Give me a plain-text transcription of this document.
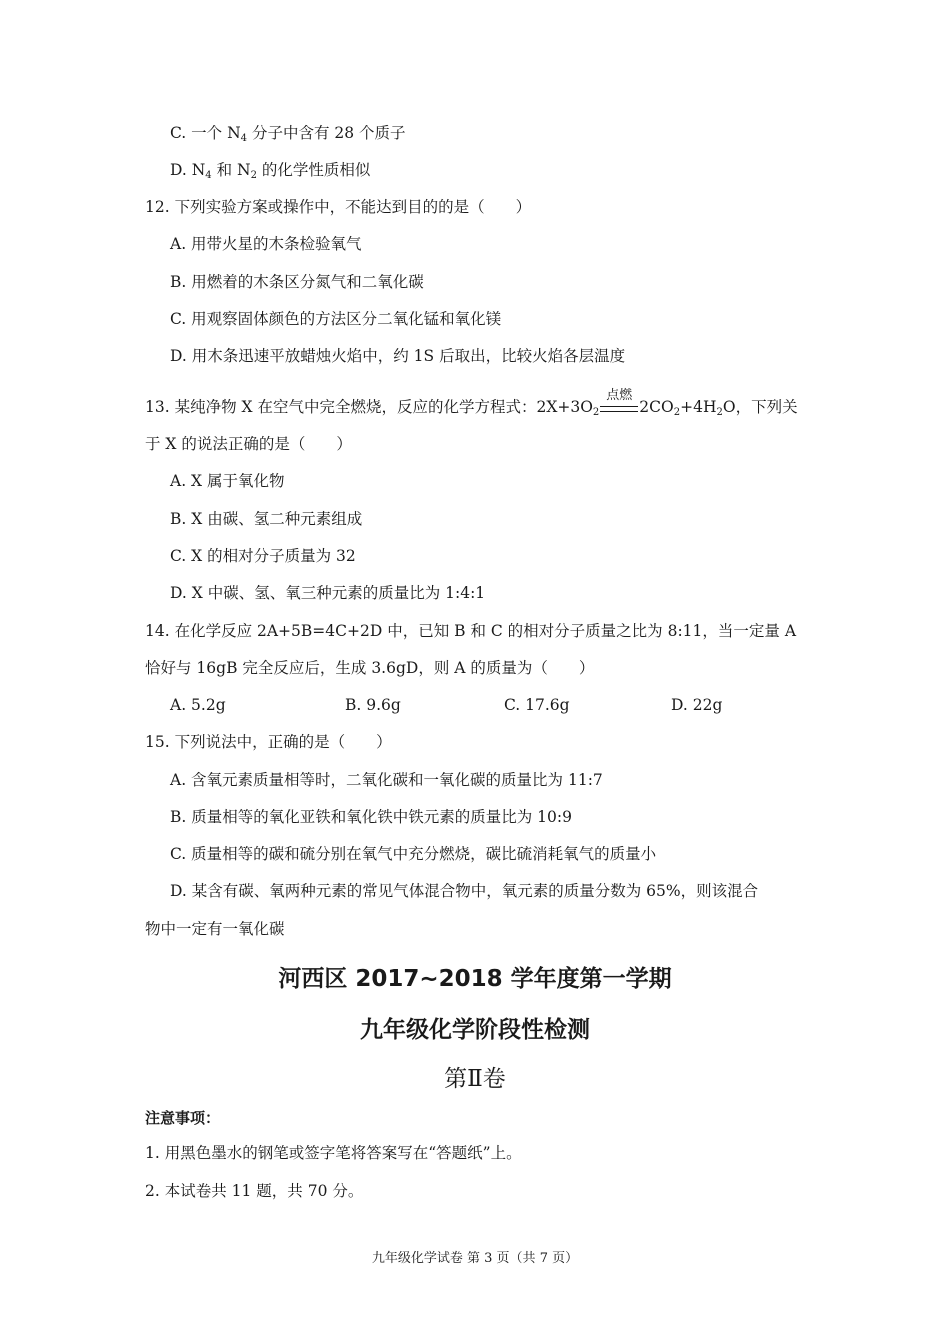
C. 一个 $N_4$ 分子中含有 28 个质子
D. $N_4$ 和 $N_2$ 的化学性质相似
12. 下列实验方案或操作中，不能达到目的的是（　　）
A. 用带火星的木条检验氧气
B. 用燃着的木条区分氮气和二氧化碳
C. 用观察固体颜色的方法区分二氧化锰和氧化镁
D. 用木条迅速平放蜡烛火焰中，约 1S 后取出，比较火焰各层温度
13. 某纯净物 X 在空气中完全燃烧，反应的化学方程式：$2X+3O_2$
点燃
$2CO_2+4H_2O$，下列关
于 X 的说法正确的是（　　）
A. X 属于氧化物
B. X 由碳、氢二种元素组成
C. X 的相对分子质量为 32
D. X 中碳、氢、氧三种元素的质量比为 1:4:1
14. 在化学反应 2A+5B=4C+2D 中，已知 B 和 C 的相对分子质量之比为 8:11，当一定量 A
恰好与 16gB 完全反应后，生成 3.6gD，则 A 的质量为（　　）
A. 5.2g	B. 9.6g	C. 17.6g	D. 22g
15. 下列说法中，正确的是（　　）
A. 含氧元素质量相等时，二氧化碳和一氧化碳的质量比为 11:7
B. 质量相等的氧化亚铁和氧化铁中铁元素的质量比为 10:9
C. 质量相等的碳和硫分别在氧气中充分燃烧，碳比硫消耗氧气的质量小
D. 某含有碳、氧两种元素的常见气体混合物中，氧元素的质量分数为 65%，则该混合
物中一定有一氧化碳
河西区 2017~2018 学年度第一学期
九年级化学阶段性检测
第Ⅱ卷
注意事项：
1. 用黑色墨水的钢笔或签字笔将答案写在“答题纸”上。
2. 本试卷共 11 题，共 70 分。
九年级化学试卷 第 3 页（共 7 页）
